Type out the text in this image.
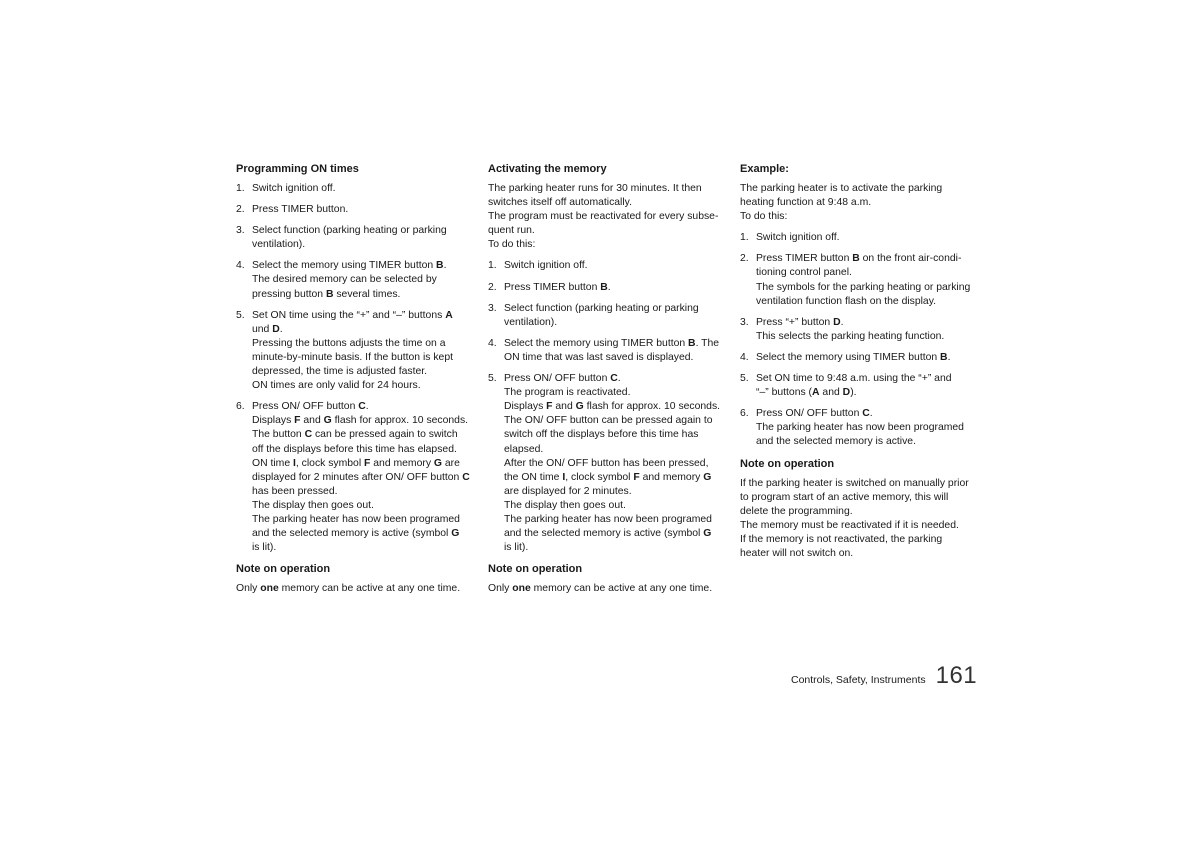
Programming ON times
1. Switch ignition off.
2. Press TIMER button.
3. Select function (parking heating or parking
ventilation).
4. Select the memory using TIMER button B.
The desired memory can be selected by
pressing button B several times.
5. Set ON time using the “+” and “–” buttons A
und D.
Pressing the buttons adjusts the time on a
minute-by-minute basis. If the button is kept
depressed, the time is adjusted faster.
ON times are only valid for 24 hours.
6. Press ON/ OFF button C.
Displays F and G flash for approx. 10 seconds.
The button C can be pressed again to switch
off the displays before this time has elapsed.
ON time I, clock symbol F and memory G are
displayed for 2 minutes after ON/ OFF button C
has been pressed.
The display then goes out.
The parking heater has now been programed
and the selected memory is active (symbol G
is lit).
Note on operation

Only one memory can be active at any one time.

Activating the memory

The parking heater runs for 30 minutes. It then
switches itself off automatically.
The program must be reactivated for every subse-
quent run.
To do this:

1. Switch ignition off.
2. Press TIMER button B.
3. Select function (parking heating or parking
ventilation).
4. Select the memory using TIMER button B. The
ON time that was last saved is displayed.
5. Press ON/ OFF button C.
The program is reactivated.
Displays F and G flash for approx. 10 seconds.
The ON/ OFF button can be pressed again to
switch off the displays before this time has
elapsed.
After the ON/ OFF button has been pressed,
the ON time I, clock symbol F and memory G
are displayed for 2 minutes.
The display then goes out.
The parking heater has now been programed
and the selected memory is active (symbol G
is lit).
Note on operation

Only one memory can be active at any one time.

Example:

The parking heater is to activate the parking
heating function at 9:48 a.m.
To do this:

1. Switch ignition off.
2. Press TIMER button B on the front air-condi-
tioning control panel.
The symbols for the parking heating or parking
ventilation function flash on the display.
3. Press “+” button D.
This selects the parking heating function.
4. Select the memory using TIMER button B.
5. Set ON time to 9:48 a.m. using the “+” and
“–” buttons (A and D).
6. Press ON/ OFF button C.
The parking heater has now been programed
and the selected memory is active.
Note on operation

If the parking heater is switched on manually prior
to program start of an active memory, this will
delete the programming.
The memory must be reactivated if it is needed.
If the memory is not reactivated, the parking
heater will not switch on.

Controls, Safety, Instruments 161
